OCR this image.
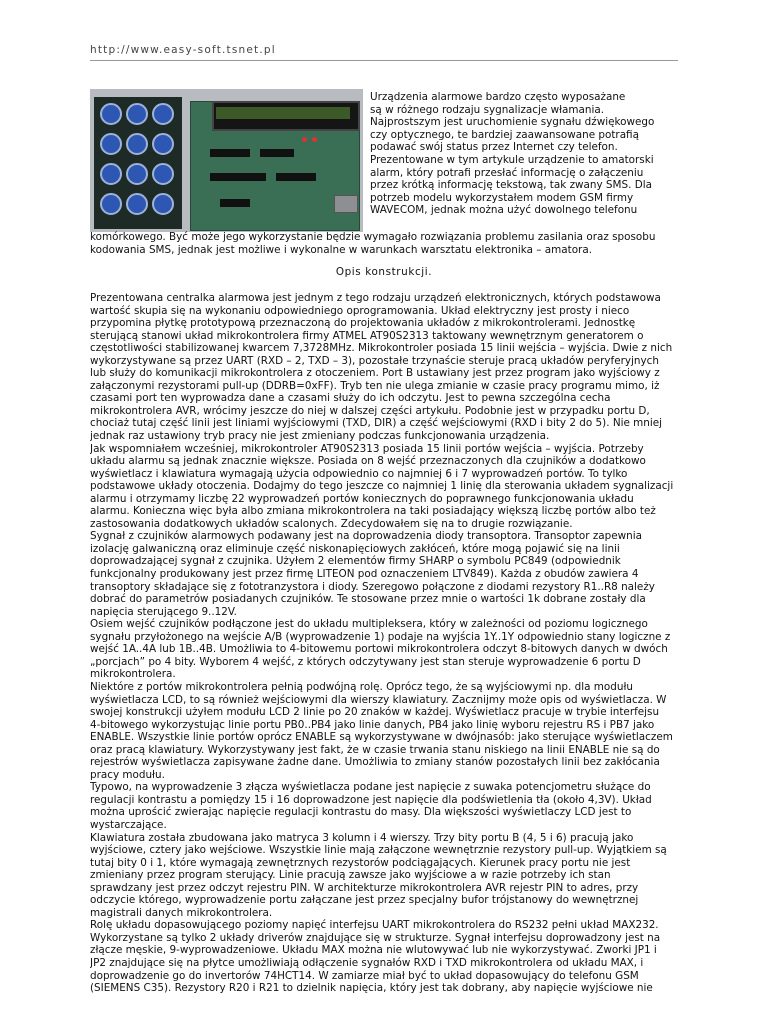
http://www.easy-soft.tsnet.pl
Urządzenia alarmowe bardzo często wyposażane
są w różnego rodzaju sygnalizacje włamania.
Najprostszym jest uruchomienie sygnału dźwiękowego
czy optycznego, te bardziej zaawansowane potrafią
podawać swój status przez Internet czy telefon.
Prezentowane w tym artykule urządzenie to amatorski
alarm, który potrafi przesłać informację o załączeniu
przez krótką informację tekstową, tak zwany SMS. Dla
potrzeb modelu wykorzystałem modem GSM firmy
WAVECOM, jednak można użyć dowolnego telefonu
komórkowego. Być może jego wykorzystanie będzie wymagało rozwiązania problemu zasilania oraz sposobu
kodowania SMS, jednak jest możliwe i wykonalne w warunkach warsztatu elektronika – amatora.
Opis konstrukcji.
Prezentowana centralka alarmowa jest jednym z tego rodzaju urządzeń elektronicznych, których podstawowa
wartość skupia się na wykonaniu odpowiedniego oprogramowania. Układ elektryczny jest prosty i nieco
przypomina płytkę prototypową przeznaczoną do projektowania układów z mikrokontrolerami. Jednostkę
sterującą stanowi układ mikrokontrolera firmy ATMEL AT90S2313 taktowany wewnętrznym generatorem o
częstotliwości stabilizowanej kwarcem 7,3728MHz. Mikrokontroler posiada 15 linii wejścia – wyjścia. Dwie z nich
wykorzystywane są przez UART (RXD – 2, TXD – 3), pozostałe trzynaście steruje pracą układów peryferyjnych
lub służy do komunikacji mikrokontrolera z otoczeniem. Port B ustawiany jest przez program jako wyjściowy z
załączonymi rezystorami pull-up (DDRB=0xFF). Tryb ten nie ulega zmianie w czasie pracy programu mimo, iż
czasami port ten wyprowadza dane a czasami służy do ich odczytu. Jest to pewna szczególna cecha
mikrokontrolera AVR, wrócimy jeszcze do niej w dalszej części artykułu. Podobnie jest w przypadku portu D,
chociaż tutaj część linii jest liniami wyjściowymi (TXD, DIR) a część wejściowymi (RXD i bity 2 do 5). Nie mniej
jednak raz ustawiony tryb pracy nie jest zmieniany podczas funkcjonowania urządzenia.
Jak wspomniałem wcześniej, mikrokontroler AT90S2313 posiada 15 linii portów wejścia – wyjścia. Potrzeby
układu alarmu są jednak znacznie większe. Posiada on 8 wejść przeznaczonych dla czujników a dodatkowo
wyświetlacz i klawiatura wymagają użycia odpowiednio co najmniej 6 i 7 wyprowadzeń portów. To tylko
podstawowe układy otoczenia. Dodajmy do tego jeszcze co najmniej 1 linię dla sterowania układem sygnalizacji
alarmu i otrzymamy liczbę 22 wyprowadzeń portów koniecznych do poprawnego funkcjonowania układu
alarmu. Konieczna więc była albo zmiana mikrokontrolera na taki posiadający większą liczbę portów albo też
zastosowania dodatkowych układów scalonych. Zdecydowałem się na to drugie rozwiązanie.
Sygnał z czujników alarmowych podawany jest na doprowadzenia diody transoptora. Transoptor zapewnia
izolację galwaniczną oraz eliminuje część niskonapięciowych zakłóceń, które mogą pojawić się na linii
doprowadzającej sygnał z czujnika. Użyłem 2 elementów firmy SHARP o symbolu PC849 (odpowiednik
funkcjonalny produkowany jest przez firmę LITEON pod oznaczeniem LTV849). Każda z obudów zawiera 4
transoptory składające się z fototranzystora i diody. Szeregowo połączone z diodami rezystory R1..R8 należy
dobrać do parametrów posiadanych czujników. Te stosowane przez mnie o wartości 1k dobrane zostały dla
napięcia sterującego 9..12V.
Osiem wejść czujników podłączone jest do układu multipleksera, który w zależności od poziomu logicznego
sygnału przyłożonego na wejście A/B (wyprowadzenie 1) podaje na wyjścia 1Y..1Y odpowiednio stany logiczne z
wejść 1A..4A lub 1B..4B. Umożliwia to 4-bitowemu portowi mikrokontrolera odczyt 8-bitowych danych w dwóch
„porcjach” po 4 bity. Wyborem 4 wejść, z których odczytywany jest stan steruje wyprowadzenie 6 portu D
mikrokontrolera.
Niektóre z portów mikrokontrolera pełnią podwójną rolę. Oprócz tego, że są wyjściowymi np. dla modułu
wyświetlacza LCD, to są również wejściowymi dla wierszy klawiatury. Zacznijmy może opis od wyświetlacza. W
swojej konstrukcji użyłem modułu LCD 2 linie po 20 znaków w każdej. Wyświetlacz pracuje w trybie interfejsu
4-bitowego wykorzystując linie portu PB0..PB4 jako linie danych, PB4 jako linię wyboru rejestru RS i PB7 jako
ENABLE. Wszystkie linie portów oprócz ENABLE są wykorzystywane w dwójnasób: jako sterujące wyświetlaczem
oraz pracą klawiatury. Wykorzystywany jest fakt, że w czasie trwania stanu niskiego na linii ENABLE nie są do
rejestrów wyświetlacza zapisywane żadne dane. Umożliwia to zmiany stanów pozostałych linii bez zakłócania
pracy modułu.
Typowo, na wyprowadzenie 3 złącza wyświetlacza podane jest napięcie z suwaka potencjometru służące do
regulacji kontrastu a pomiędzy 15 i 16 doprowadzone jest napięcie dla podświetlenia tła (około 4,3V). Układ
można uprościć zwierając napięcie regulacji kontrastu do masy. Dla większości wyświetlaczy LCD jest to
wystarczające.
Klawiatura została zbudowana jako matryca 3 kolumn i 4 wierszy. Trzy bity portu B (4, 5 i 6) pracują jako
wyjściowe, cztery jako wejściowe. Wszystkie linie mają załączone wewnętrznie rezystory pull-up. Wyjątkiem są
tutaj bity 0 i 1, które wymagają zewnętrznych rezystorów podciągających. Kierunek pracy portu nie jest
zmieniany przez program sterujący. Linie pracują zawsze jako wyjściowe a w razie potrzeby ich stan
sprawdzany jest przez odczyt rejestru PIN. W architekturze mikrokontrolera AVR rejestr PIN to adres, przy
odczycie którego, wyprowadzenie portu załączane jest przez specjalny bufor trójstanowy do wewnętrznej
magistrali danych mikrokontrolera.
Rolę układu dopasowującego poziomy napięć interfejsu UART mikrokontrolera do RS232 pełni układ MAX232.
Wykorzystane są tylko 2 układy driverów znajdujące się w strukturze. Sygnał interfejsu doprowadzony jest na
złącze męskie, 9-wyprowadzeniowe. Układu MAX można nie wlutowywać lub nie wykorzystywać. Zworki JP1 i
JP2 znajdujące się na płytce umożliwiają odłączenie sygnałów RXD i TXD mikrokontrolera od układu MAX, i
doprowadzenie go do invertorów 74HCT14. W zamiarze miał być to układ dopasowujący do telefonu GSM
(SIEMENS C35). Rezystory R20 i R21 to dzielnik napięcia, który jest tak dobrany, aby napięcie wyjściowe nie
